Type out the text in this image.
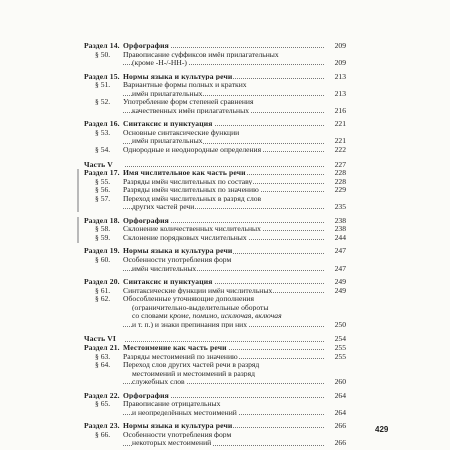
Раздел 14. Орфография	209
§ 50.	Правописание суффиксов имён прилагательных
(кроме -Н-/-НН-)	209
Раздел 15. Нормы языка и культура речи	213
§ 51.	Вариантные формы полных и кратких
имён прилагательных	213
§ 52.	Употребление форм степеней сравнения
качественных имён прилагательных	216
Раздел 16. Синтаксис и пунктуация	221
§ 53.	Основные синтаксические функции
имён прилагательных	221
§ 54.	Однородные и неоднородные определения	222
Часть V	227
Раздел 17. Имя числительное как часть речи	228
§ 55.	Разряды имён числительных по составу	228
§ 56.	Разряды имён числительных по значению	229
§ 57.	Переход имён числительных в разряд слов
других частей речи	235
Раздел 18. Орфография	238
§ 58.	Склонение количественных числительных	238
§ 59.	Склонение порядковых числительных	244
Раздел 19. Нормы языка и культура речи	247
§ 60.	Особенности употребления форм
имён числительных	247
Раздел 20. Синтаксис и пунктуация	249
§ 61.	Синтаксические функции имён числительных	249
§ 62.	Обособленные уточняющие дополнения
(ограничительно-выделительные обороты
со словами кроме, помимо, исключая, включая
и т. п.) и знаки препинания при них	250
Часть VI	254
Раздел 21. Местоимение как часть речи	255
§ 63.	Разряды местоимений по значению	255
§ 64.	Переход слов других частей речи в разряд
местоимений и местоимений в разряд
служебных слов	260
Раздел 22. Орфография	264
§ 65.	Правописание отрицательных
и неопределённых местоимений	264
Раздел 23. Нормы языка и культура речи	266
§ 66.	Особенности употребления форм
некоторых местоимений	266
429
